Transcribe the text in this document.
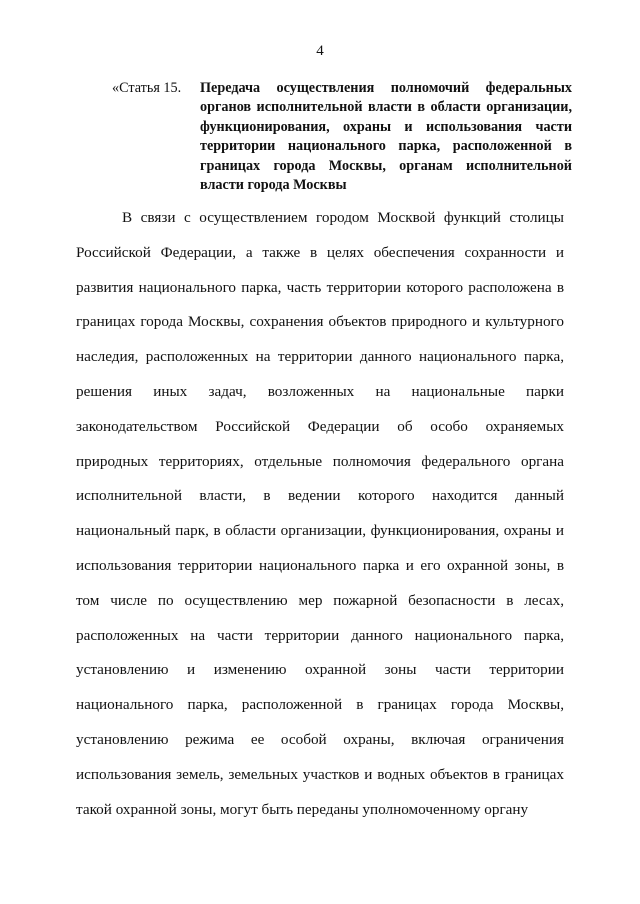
4
«Статья 15.	Передача осуществления полномочий федеральных органов исполнительной власти в области организации, функционирования, охраны и использования части территории национального парка, расположенной в границах города Москвы, органам исполнительной власти города Москвы

В связи с осуществлением городом Москвой функций столицы Российской Федерации, а также в целях обеспечения сохранности и развития национального парка, часть территории которого расположена в границах города Москвы, сохранения объектов природного и культурного наследия, расположенных на территории данного национального парка, решения иных задач, возложенных на национальные парки законодательством Российской Федерации об особо охраняемых природных территориях, отдельные полномочия федерального органа исполнительной власти, в ведении которого находится данный национальный парк, в области организации, функционирования, охраны и использования территории национального парка и его охранной зоны, в том числе по осуществлению мер пожарной безопасности в лесах, расположенных на части территории данного национального парка, установлению и изменению охранной зоны части территории национального парка, расположенной в границах города Москвы, установлению режима ее особой охраны, включая ограничения использования земель, земельных участков и водных объектов в границах такой охранной зоны, могут быть переданы уполномоченному органу
